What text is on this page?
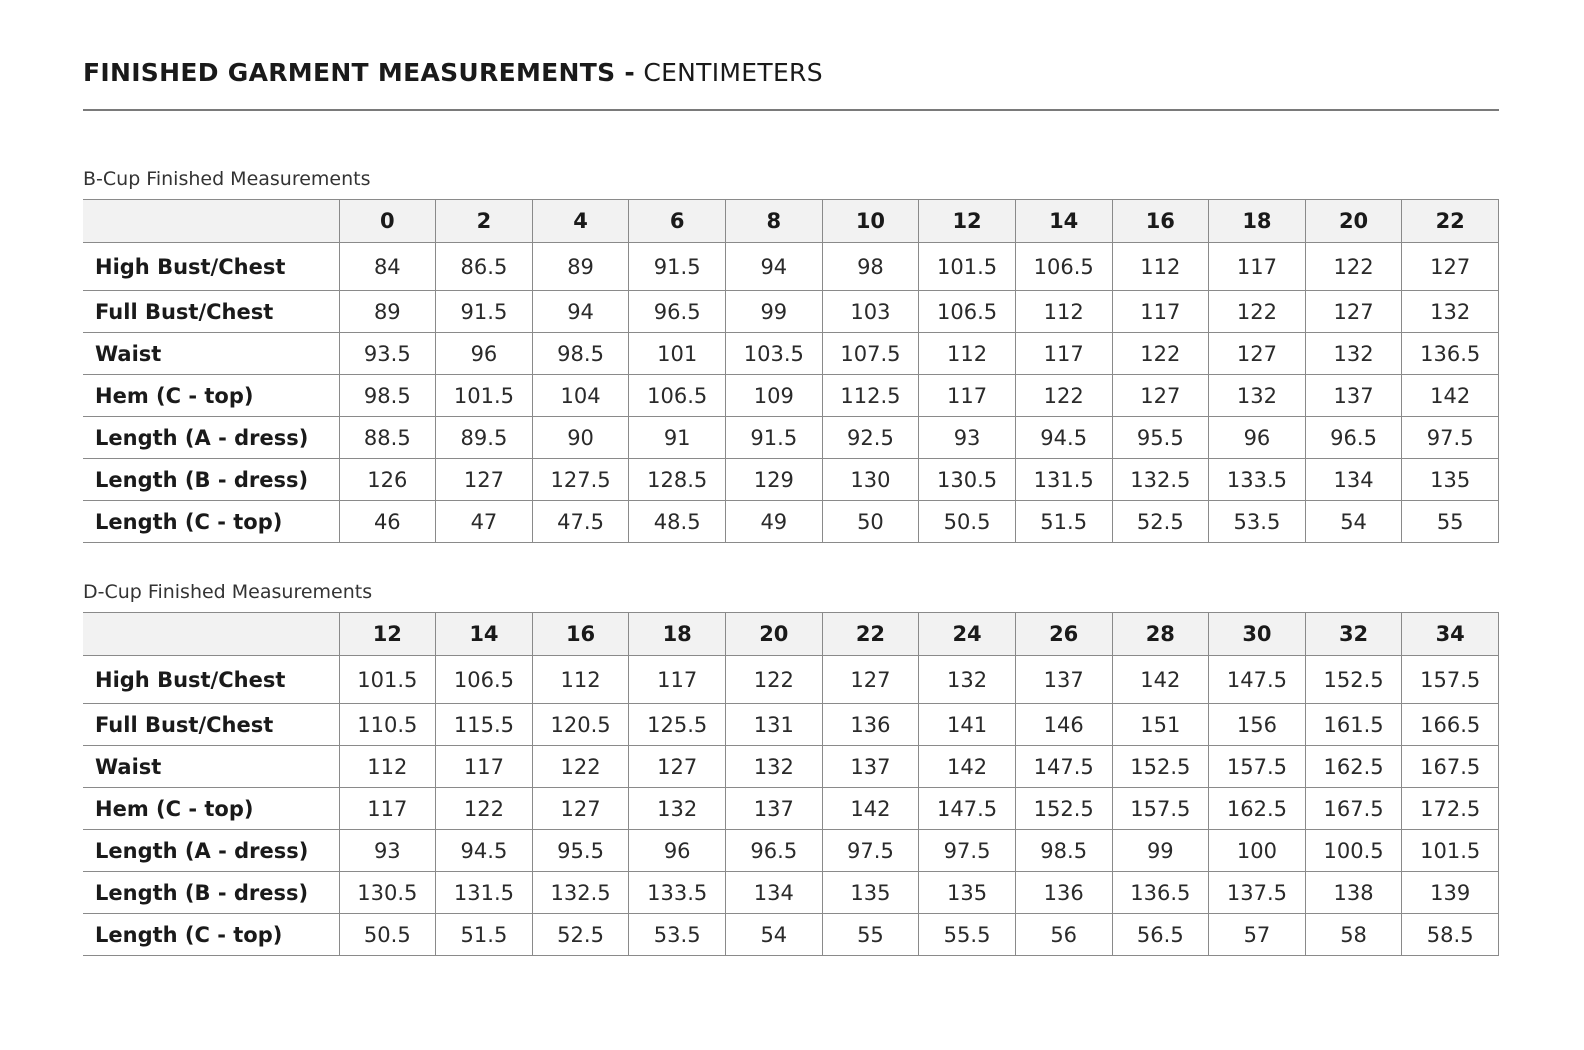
FINISHED GARMENT MEASUREMENTS - CENTIMETERS
B-Cup Finished Measurements
	0	2	4	6	8	10	12	14	16	18	20	22
High Bust/Chest	84	86.5	89	91.5	94	98	101.5	106.5	112	117	122	127
Full Bust/Chest	89	91.5	94	96.5	99	103	106.5	112	117	122	127	132
Waist	93.5	96	98.5	101	103.5	107.5	112	117	122	127	132	136.5
Hem (C - top)	98.5	101.5	104	106.5	109	112.5	117	122	127	132	137	142
Length (A - dress)	88.5	89.5	90	91	91.5	92.5	93	94.5	95.5	96	96.5	97.5
Length (B - dress)	126	127	127.5	128.5	129	130	130.5	131.5	132.5	133.5	134	135
Length (C - top)	46	47	47.5	48.5	49	50	50.5	51.5	52.5	53.5	54	55
D-Cup Finished Measurements
	12	14	16	18	20	22	24	26	28	30	32	34
High Bust/Chest	101.5	106.5	112	117	122	127	132	137	142	147.5	152.5	157.5
Full Bust/Chest	110.5	115.5	120.5	125.5	131	136	141	146	151	156	161.5	166.5
Waist	112	117	122	127	132	137	142	147.5	152.5	157.5	162.5	167.5
Hem (C - top)	117	122	127	132	137	142	147.5	152.5	157.5	162.5	167.5	172.5
Length (A - dress)	93	94.5	95.5	96	96.5	97.5	97.5	98.5	99	100	100.5	101.5
Length (B - dress)	130.5	131.5	132.5	133.5	134	135	135	136	136.5	137.5	138	139
Length (C - top)	50.5	51.5	52.5	53.5	54	55	55.5	56	56.5	57	58	58.5
